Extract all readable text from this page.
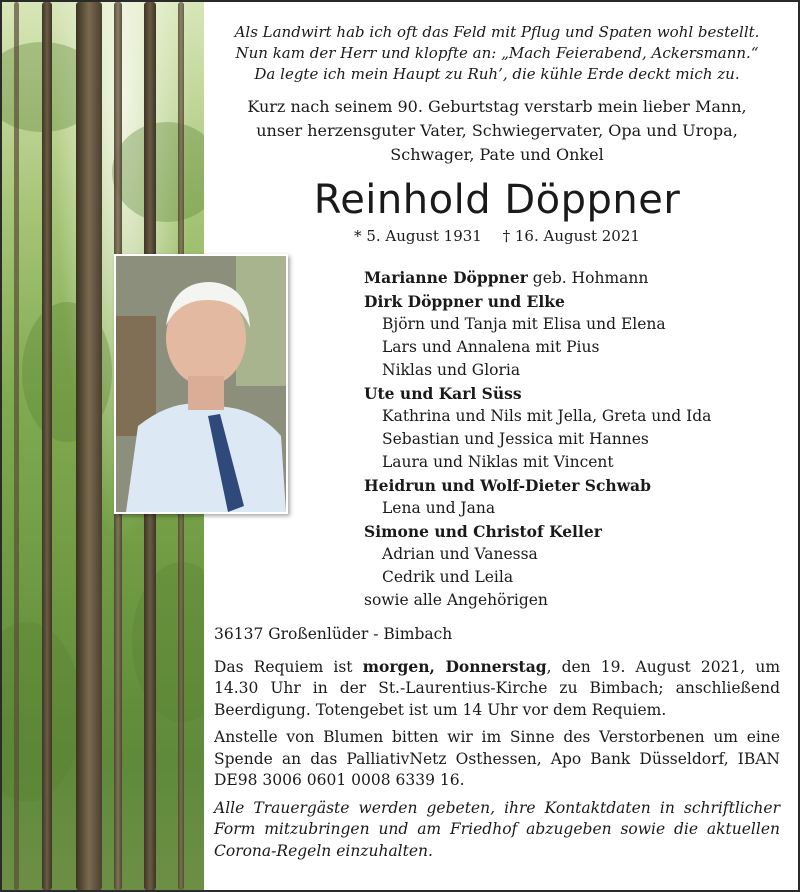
Als Landwirt hab ich oft das Feld mit Pflug und Spaten wohl bestellt.
Nun kam der Herr und klopfte an: „Mach Feierabend, Ackersmann.“
Da legte ich mein Haupt zu Ruh’, die kühle Erde deckt mich zu.
Kurz nach seinem 90. Geburtstag verstarb mein lieber Mann,
unser herzensguter Vater, Schwiegervater, Opa und Uropa,
Schwager, Pate und Onkel
Reinhold Döppner
* 5. August 1931 † 16. August 2021
Marianne Döppner geb. Hohmann
Dirk Döppner und Elke
Björn und Tanja mit Elisa und Elena
Lars und Annalena mit Pius
Niklas und Gloria
Ute und Karl Süss
Kathrina und Nils mit Jella, Greta und Ida
Sebastian und Jessica mit Hannes
Laura und Niklas mit Vincent
Heidrun und Wolf-Dieter Schwab
Lena und Jana
Simone und Christof Keller
Adrian und Vanessa
Cedrik und Leila
sowie alle Angehörigen

36137 Großenlüder - Bimbach

Das Requiem ist morgen, Donnerstag, den 19. August 2021, um 14.30 Uhr in der St.-Laurentius-Kirche zu Bimbach; anschließend Beerdigung. Totengebet ist um 14 Uhr vor dem Requiem.

Anstelle von Blumen bitten wir im Sinne des Verstorbenen um eine Spende an das PalliativNetz Osthessen, Apo Bank Düsseldorf, IBAN DE98 3006 0601 0008 6339 16.

Alle Trauergäste werden gebeten, ihre Kontaktdaten in schriftlicher Form mitzubringen und am Friedhof abzugeben sowie die aktuellen Corona-Regeln einzuhalten.
